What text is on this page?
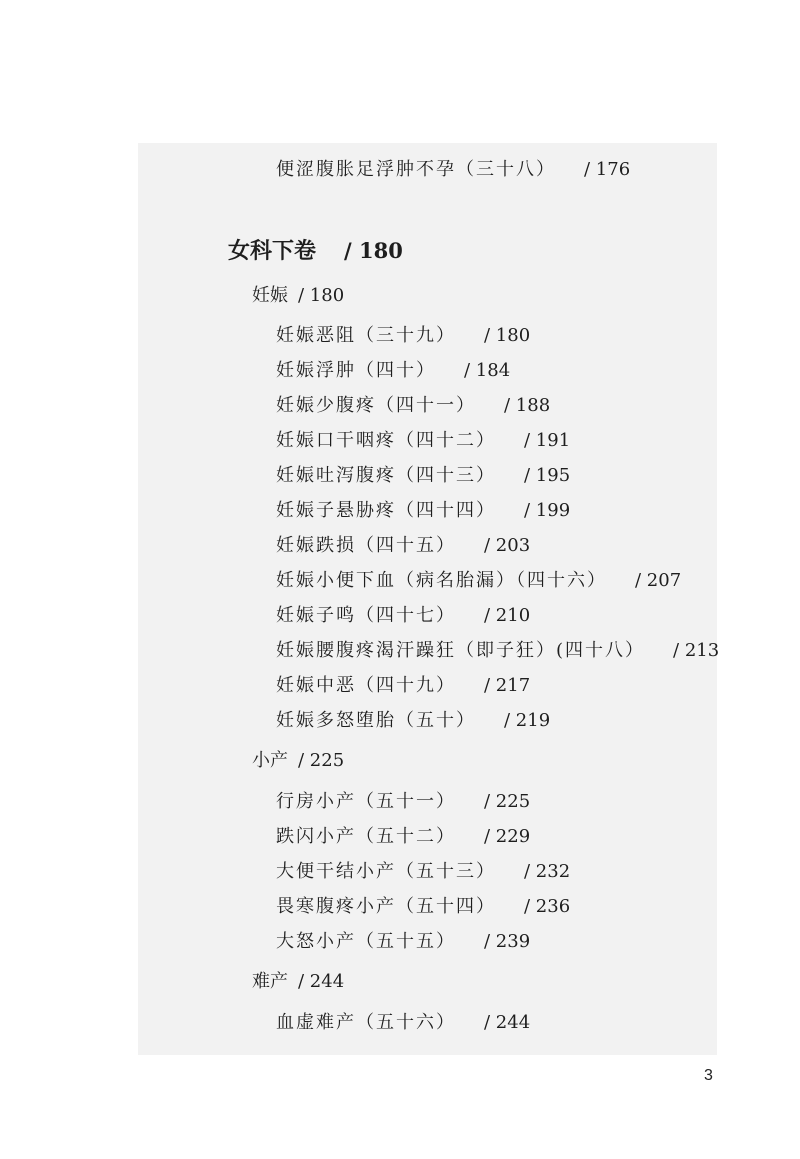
便涩腹胀足浮肿不孕（三十八） / 176
女科下卷 / 180
妊娠 / 180
妊娠恶阻（三十九） / 180
妊娠浮肿（四十） / 184
妊娠少腹疼（四十一） / 188
妊娠口干咽疼（四十二） / 191
妊娠吐泻腹疼（四十三） / 195
妊娠子悬胁疼（四十四） / 199
妊娠跌损（四十五） / 203
妊娠小便下血（病名胎漏）（四十六） / 207
妊娠子鸣（四十七） / 210
妊娠腰腹疼渴汗躁狂（即子狂）(四十八） / 213
妊娠中恶（四十九） / 217
妊娠多怒堕胎（五十） / 219
小产 / 225
行房小产（五十一） / 225
跌闪小产（五十二） / 229
大便干结小产（五十三） / 232
畏寒腹疼小产（五十四） / 236
大怒小产（五十五） / 239
难产 / 244
血虚难产（五十六） / 244
3
